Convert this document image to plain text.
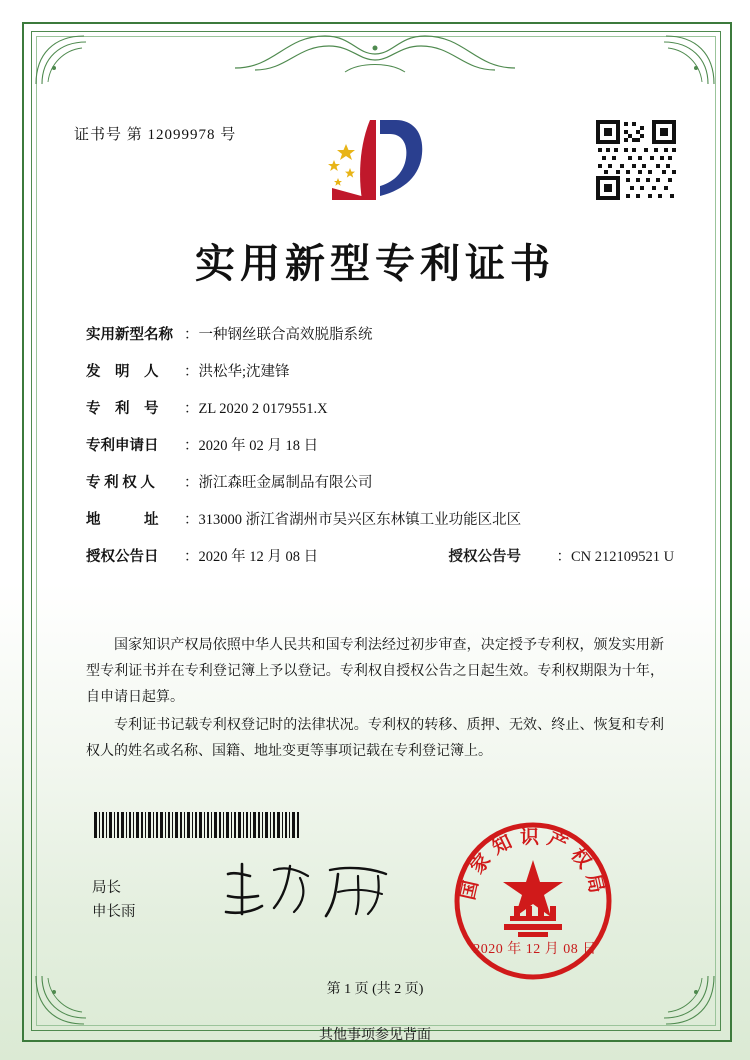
证书号 第 12099978 号
实用新型专利证书
实用新型名称 ： 一种钢丝联合高效脱脂系统
发　明　人	： 洪松华;沈建锋
专　利　号	： ZL 2020 2 0179551.X
专利申请日	： 2020 年 02 月 18 日
专 利 权 人	： 浙江森旺金属制品有限公司
地　　　址	： 313000 浙江省湖州市吴兴区东林镇工业功能区北区
授权公告日	： 2020 年 12 月 08 日	授权公告号	： CN 212109521 U

国家知识产权局依照中华人民共和国专利法经过初步审查，决定授予专利权，颁发实用新型专利证书并在专利登记簿上予以登记。专利权自授权公告之日起生效。专利权期限为十年，自申请日起算。

专利证书记载专利权登记时的法律状况。专利权的转移、质押、无效、终止、恢复和专利权人的姓名或名称、国籍、地址变更等事项记载在专利登记簿上。

局长
申长雨
国家知识产权局
2020 年 12 月 08 日
第 1 页 (共 2 页)
其他事项参见背面
